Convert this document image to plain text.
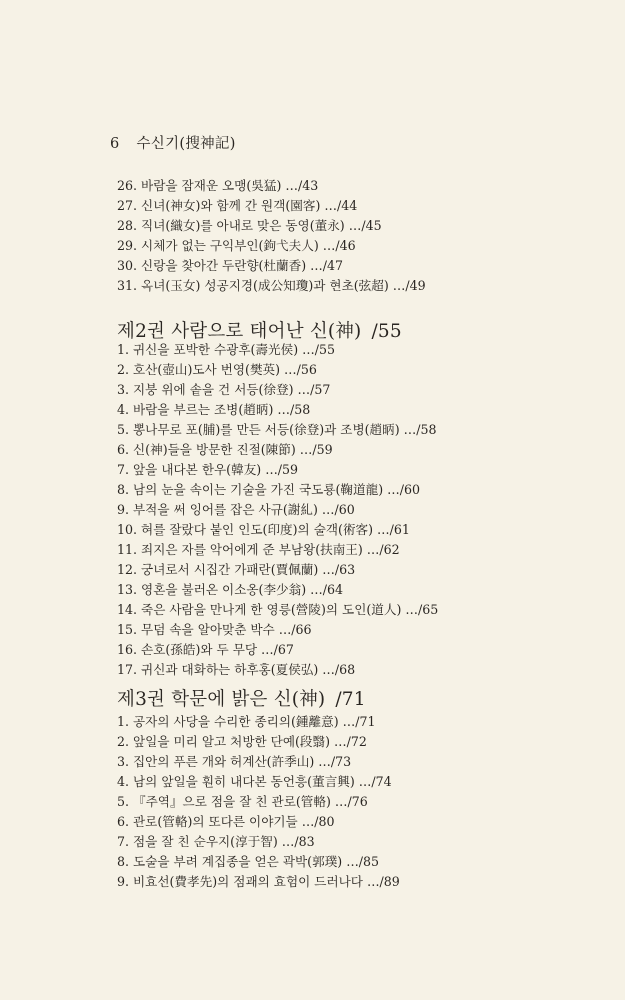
6 수신기(搜神記)
26. 바람을 잠재운 오맹(吳猛) …/43
27. 신녀(神女)와 함께 간 원객(園客) …/44
28. 직녀(織女)를 아내로 맞은 동영(董永) …/45
29. 시체가 없는 구익부인(鉤弋夫人) …/46
30. 신랑을 찾아간 두란향(杜蘭香) …/47
31. 옥녀(玉女) 성공지경(成公知瓊)과 현초(弦超) …/49
제2권 사람으로 태어난 신(神) /55
1. 귀신을 포박한 수광후(壽光侯) …/55
2. 호산(壺山)도사 번영(樊英) …/56
3. 지붕 위에 솥을 건 서등(徐登) …/57
4. 바람을 부르는 조병(趙昞) …/58
5. 뽕나무로 포(脯)를 만든 서등(徐登)과 조병(趙昞) …/58
6. 신(神)들을 방문한 진절(陳節) …/59
7. 앞을 내다본 한우(韓友) …/59
8. 남의 눈을 속이는 기술을 가진 국도룡(鞠道龍) …/60
9. 부적을 써 잉어를 잡은 사규(謝糺) …/60
10. 혀를 잘랐다 붙인 인도(印度)의 술객(術客) …/61
11. 죄지은 자를 악어에게 준 부남왕(扶南王) …/62
12. 궁녀로서 시집간 가패란(賈佩蘭) …/63
13. 영혼을 불러온 이소옹(李少翁) …/64
14. 죽은 사람을 만나게 한 영릉(營陵)의 도인(道人) …/65
15. 무덤 속을 알아맞춘 박수 …/66
16. 손호(孫皓)와 두 무당 …/67
17. 귀신과 대화하는 하후홍(夏侯弘) …/68
제3권 학문에 밝은 신(神) /71
1. 공자의 사당을 수리한 종리의(鍾離意) …/71
2. 앞일을 미리 알고 처방한 단예(段翳) …/72
3. 집안의 푸른 개와 허계산(許季山) …/73
4. 남의 앞일을 훤히 내다본 동언흥(董言興) …/74
5. 『주역』으로 점을 잘 친 관로(管輅) …/76
6. 관로(管輅)의 또다른 이야기들 …/80
7. 점을 잘 친 순우지(淳于智) …/83
8. 도술을 부려 계집종을 얻은 곽박(郭璞) …/85
9. 비효선(費孝先)의 점괘의 효험이 드러나다 …/89
